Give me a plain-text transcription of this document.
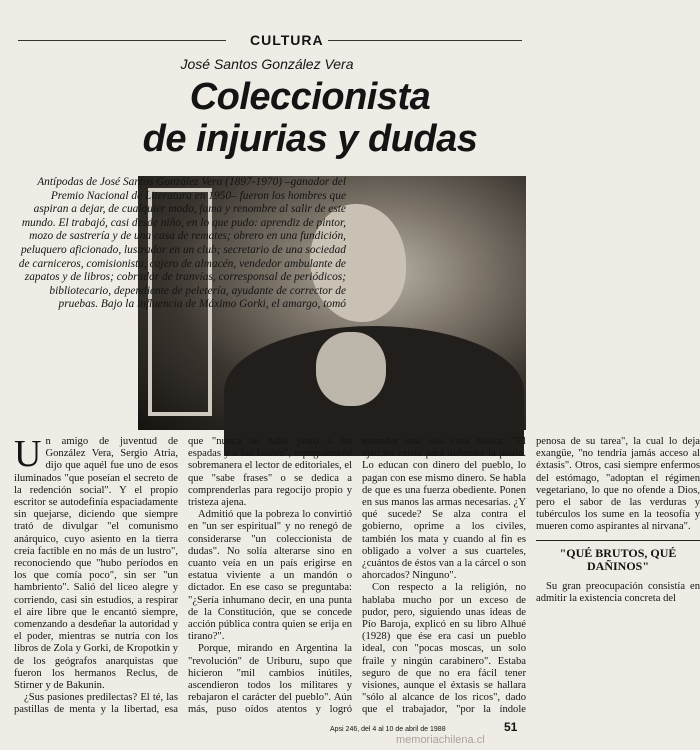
CULTURA
José Santos González Vera
Coleccionista
de injurias y dudas
Antípodas de José Santos González Vera (1897-1970) –ganador del Premio Nacional de Literatura en 1950– fueron los hombres que aspiran a dejar, de cualquier modo, fama y renombre al salir de este mundo. El trabajó, casi desde niño, en lo que pudo: aprendiz de pintor, mozo de sastrería y de una casa de remates; obrero en una fundición, peluquero aficionado, lustrador en un club; secretario de una sociedad de carniceros, comisionista, cajero de almacén, vendedor ambulante de zapatos y de libros; cobrador de tranvías, corresponsal de periódicos; bibliotecario, dependiente de peletería, ayudante de corrector de pruebas. Bajo la influencia de Máximo Gorki, el amargo, tomó

Un amigo de juventud de González Vera, Sergio Atria, dijo que aquél fue uno de esos iluminados "que poseían el secreto de la redención social". Y el propio escritor se autodefinía espaciadamente sin quejarse, diciendo que siempre trató de divulgar "el comunismo anárquico, cuyo asiento en la tierra creía factible en no más de un lustro", reconociendo que "hubo períodos en los que comía poco", sin ser "un hambriento". Salió del liceo alegre y corriendo, casi sin estudios, a respirar el aire libre que le encantó siempre, comenzando a desdeñar la autoridad y el poder, mientras se nutría con los libros de Zola y Gorki, de Kropotkin y de los geógrafos anarquistas que fueron los hermanos Reclus, de Stirner y de Bakunin.

¿Sus pasiones predilectas? El té, las pastillas de menta y la libertad, esa que "nunca se halla junto a las espadas y a los fusiles", repugnándole sobremanera el lector de editoriales, el que "sabe frases" o se dedica a comprenderlas para regocijo propio y tristeza ajena.

Admitió que la pobreza lo convirtió en "un ser espiritual" y no renegó de considerarse "un coleccionista de dudas". No solía alterarse sino en cuanto veía en un país erigirse en estatua viviente a un mandón o dictador. En ese caso se preguntaba: "¿Sería inhumano decir, en una punta de la Constitución, que se concede acción pública contra quien se erija en tirano?".

Porque, mirando en Argentina la "revolución" de Uriburu, supo que hicieron "mil cambios inútiles, ascendieron todos los militares y rebajaron el carácter del pueblo". Aún más, puso oídos atentos y logró entender una sola cosa básica: "El ejército existe para defender la patria. Lo educan con dinero del pueblo, lo pagan con ese mismo dinero. Se habla de que es una fuerza obediente. Ponen en sus manos las armas necesarias. ¿Y qué sucede? Se alza contra el gobierno, oprime a los civiles, también los mata y cuando al fin es obligado a volver a sus cuarteles, ¿cuántos de éstos van a la cárcel o son ahorcados? Ninguno".

Con respecto a la religión, no hablaba mucho por un exceso de pudor, pero, siguiendo unas ideas de Pío Baroja, explicó en su libro Alhué (1928) que ése era casi un pueblo ideal, con "pocas moscas, un solo fraile y ningún carabinero". Estaba seguro de que no era fácil tener visiones, aunque el éxtasis se hallara "sólo al alcance de los ricos", dado que el trabajador, "por la índole penosa de su tarea", la cual lo deja exangüe, "no tendría jamás acceso al éxtasis". Otros, casi siempre enfermos del estómago, "adoptan el régimen vegetariano, lo que no ofende a Dios, pero el sabor de las verduras y tubérculos los sume en la teosofía y mueren como aspirantes al nirvana".

"QUÉ BRUTOS, QUÉ DAÑINOS"

Su gran preocupación consistía en admitir la existencia concreta del

Apsi 246, del 4 al 10 de abril de 1988	51
memoriachilena.cl
